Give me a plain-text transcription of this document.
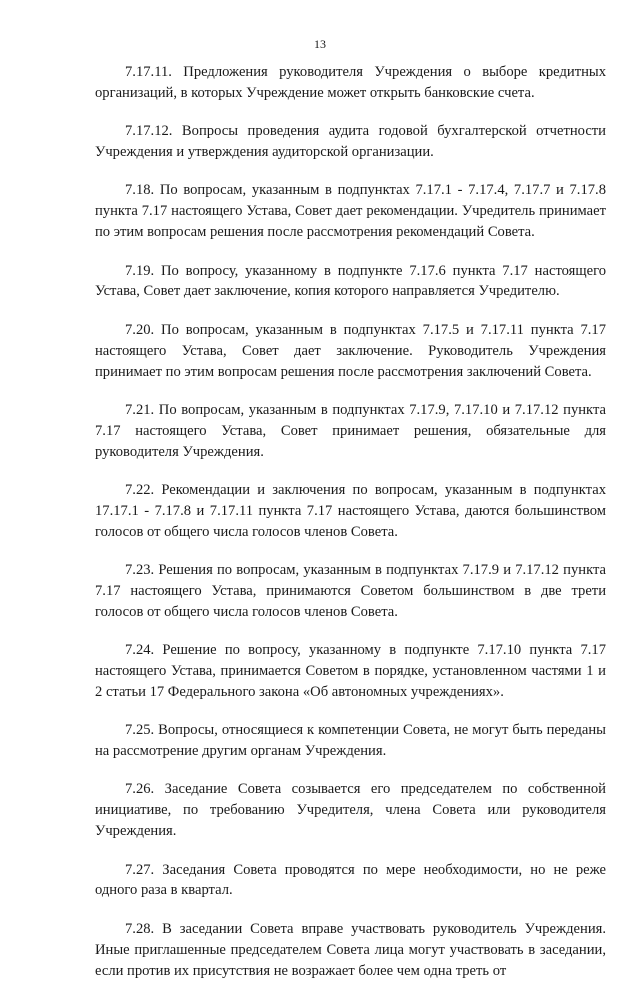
13

7.17.11. Предложения руководителя Учреждения о выборе кредитных организаций, в которых Учреждение может открыть банковские счета.

7.17.12. Вопросы проведения аудита годовой бухгалтерской отчетности Учреждения и утверждения аудиторской организации.

7.18. По вопросам, указанным в подпунктах 7.17.1 - 7.17.4, 7.17.7 и 7.17.8 пункта 7.17 настоящего Устава, Совет дает рекомендации. Учредитель принимает по этим вопросам решения после рассмотрения рекомендаций Совета.

7.19. По вопросу, указанному в подпункте 7.17.6 пункта 7.17 настоящего Устава, Совет дает заключение, копия которого направляется Учредителю.

7.20. По вопросам, указанным в подпунктах 7.17.5 и 7.17.11 пункта 7.17 настоящего Устава, Совет дает заключение. Руководитель Учреждения принимает по этим вопросам решения после рассмотрения заключений Совета.

7.21. По вопросам, указанным в подпунктах 7.17.9, 7.17.10 и 7.17.12 пункта 7.17 настоящего Устава, Совет принимает решения, обязательные для руководителя Учреждения.

7.22. Рекомендации и заключения по вопросам, указанным в подпунктах 17.17.1 - 7.17.8 и 7.17.11 пункта 7.17 настоящего Устава, даются большинством голосов от общего числа голосов членов Совета.

7.23. Решения по вопросам, указанным в подпунктах 7.17.9 и 7.17.12 пункта 7.17 настоящего Устава, принимаются Советом большинством в две трети голосов от общего числа голосов членов Совета.

7.24. Решение по вопросу, указанному в подпункте 7.17.10 пункта 7.17 настоящего Устава, принимается Советом в порядке, установленном частями 1 и 2 статьи 17 Федерального закона «Об автономных учреждениях».

7.25. Вопросы, относящиеся к компетенции Совета, не могут быть переданы на рассмотрение другим органам Учреждения.

7.26. Заседание Совета созывается его председателем по собственной инициативе, по требованию Учредителя, члена Совета или руководителя Учреждения.

7.27. Заседания Совета проводятся по мере необходимости, но не реже одного раза в квартал.

7.28. В заседании Совета вправе участвовать руководитель Учреждения. Иные приглашенные председателем Совета лица могут участвовать в заседании, если против их присутствия не возражает более чем одна треть от
